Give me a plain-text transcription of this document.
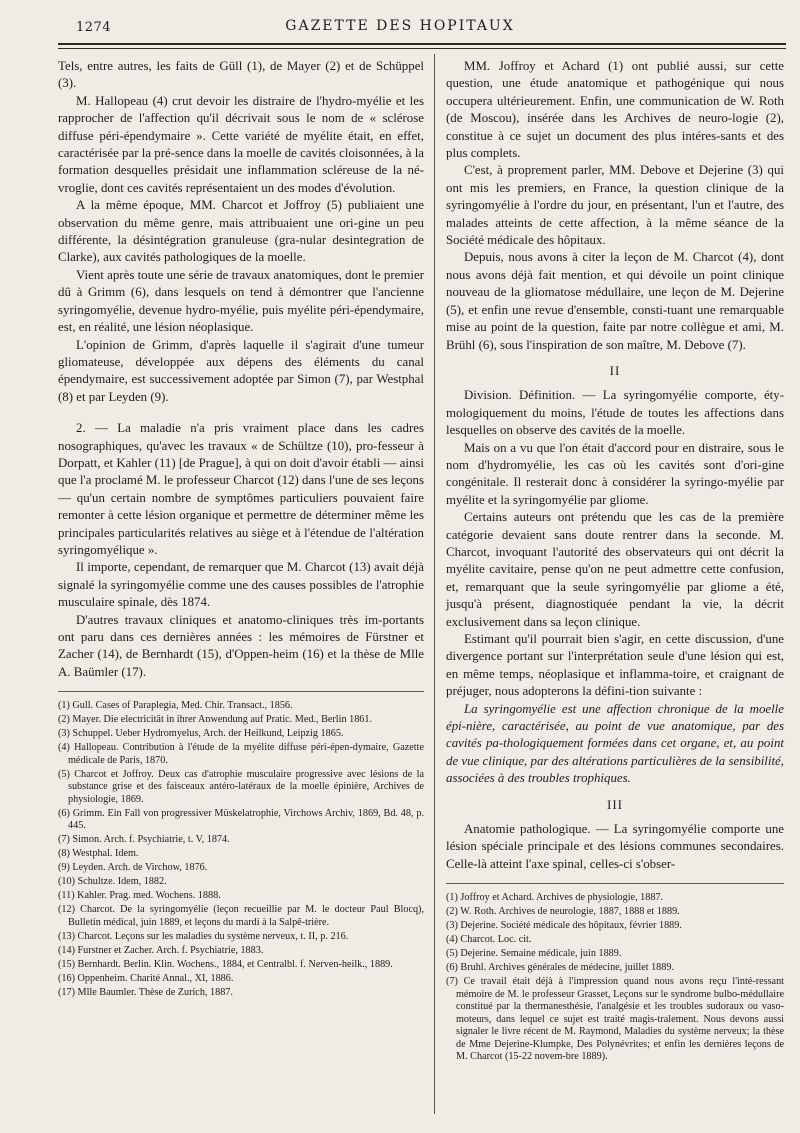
1274	GAZETTE DES HOPITAUX

Tels, entre autres, les faits de Güll (1), de Mayer (2) et de Schüppel (3).

M. Hallopeau (4) crut devoir les distraire de l'hydro-myélie et les rapprocher de l'affection qu'il décrivait sous le nom de « sclérose diffuse péri-épendymaire ». Cette variété de myélite était, en effet, caractérisée par la pré-sence dans la moelle de cavités cloisonnées, à la formation desquelles présidait une inflammation scléreuse de la né-vroglie, dont ces cavités représentaient un des modes d'évolution.

A la même époque, MM. Charcot et Joffroy (5) publiaient une observation du même genre, mais attribuaient une ori-gine un peu différente, la désintégration granuleuse (gra-nular desintegration de Clarke), aux cavités pathologiques de la moelle.

Vient après toute une série de travaux anatomiques, dont le premier dû à Grimm (6), dans lesquels on tend à démontrer que l'ancienne syringomyélie, devenue hydro-myélie, puis myélite péri-épendymaire, est, en réalité, une lésion néoplasique.

L'opinion de Grimm, d'après laquelle il s'agirait d'une tumeur gliomateuse, développée aux dépens des éléments du canal épendymaire, est successivement adoptée par Simon (7), par Westphal (8) et par Leyden (9).

2. — La maladie n'a pris vraiment place dans les cadres nosographiques, qu'avec les travaux « de Schültze (10), pro-fesseur à Dorpatt, et Kahler (11) [de Prague], à qui on doit d'avoir établi — ainsi que l'a proclamé M. le professeur Charcot (12) dans l'une de ses leçons — qu'un certain nombre de symptômes particuliers pouvaient faire remonter à cette lésion organique et permettre de déterminer même les principales particularités relatives au siège et à l'étendue de l'altération syringomyélique ».

Il importe, cependant, de remarquer que M. Charcot (13) avait déjà signalé la syringomyélie comme une des causes possibles de l'atrophie musculaire spinale, dès 1874.

D'autres travaux cliniques et anatomo-cliniques très im-portants ont paru dans ces dernières années : les mémoires de Fürstner et Zacher (14), de Bernhardt (15), d'Oppen-heim (16) et la thèse de Mlle A. Baümler (17).

(1) Gull. Cases of Paraplegia, Med. Chir. Transact., 1856.
(2) Mayer. Die electricität in ihrer Anwendung auf Pratic. Med., Berlin 1861.
(3) Schuppel. Ueber Hydromyelus, Arch. der Heilkund, Leipzig 1865.
(4) Hallopeau. Contribution à l'étude de la myélite diffuse péri-épen-dymaire, Gazette médicale de Paris, 1870.
(5) Charcot et Joffroy. Deux cas d'atrophie musculaire progressive avec lésions de la substance grise et des faisceaux antéro-latéraux de la moelle épinière, Archives de physiologie, 1869.
(6) Grimm. Ein Fall von progressiver Müskelatrophie, Virchows Archiv, 1869, Bd. 48, p. 445.
(7) Simon. Arch. f. Psychiatrie, t. V, 1874.
(8) Westphal. Idem.
(9) Leyden. Arch. de Virchow, 1876.
(10) Schultze. Idem, 1882.
(11) Kahler. Prag. med. Wochens. 1888.
(12) Charcot. De la syringomyélie (leçon recueillie par M. le docteur Paul Blocq), Bulletin médical, juin 1889, et leçons du mardi à la Salpê-trière.
(13) Charcot. Leçons sur les maladies du système nerveux, t. II, p. 216.
(14) Furstner et Zacher. Arch. f. Psychiatrie, 1883.
(15) Bernhardt. Berlin. Klin. Wochens., 1884, et Centralbl. f. Nerven-heilk., 1889.
(16) Oppenheim. Charité Annal., XI, 1886.
(17) Mlle Baumler. Thèse de Zurich, 1887.

MM. Joffroy et Achard (1) ont publié aussi, sur cette question, une étude anatomique et pathogénique qui nous occupera ultérieurement. Enfin, une communication de W. Roth (de Moscou), insérée dans les Archives de neuro-logie (2), constitue à ce sujet un document des plus intéres-sants et des plus complets.

C'est, à proprement parler, MM. Debove et Dejerine (3) qui ont mis les premiers, en France, la question clinique de la syringomyélie à l'ordre du jour, en présentant, l'un et l'autre, des malades atteints de cette affection, à la même séance de la Société médicale des hôpitaux.

Depuis, nous avons à citer la leçon de M. Charcot (4), dont nous avons déjà fait mention, et qui dévoile un point clinique nouveau de la gliomatose médullaire, une leçon de M. Dejerine (5), et enfin une revue d'ensemble, consti-tuant une remarquable mise au point de la question, faite par notre collègue et ami, M. Brühl (6), sous l'inspiration de son maître, M. Debove (7).

II

Division. Définition. — La syringomyélie comporte, éty-mologiquement du moins, l'étude de toutes les affections dans lesquelles on observe des cavités de la moelle.

Mais on a vu que l'on était d'accord pour en distraire, sous le nom d'hydromyélie, les cas où les cavités sont d'ori-gine congénitale. Il resterait donc à considérer la syringo-myélie par myélite et la syringomyélie par gliome.

Certains auteurs ont prétendu que les cas de la première catégorie devaient sans doute rentrer dans la seconde. M. Charcot, invoquant l'autorité des observateurs qui ont décrit la myélite cavitaire, pense qu'on ne peut admettre cette confusion, et, remarquant que la seule syringomyélie par gliome a été, jusqu'à présent, diagnostiquée pendant la vie, la décrit exclusivement dans sa leçon clinique.

Estimant qu'il pourrait bien s'agir, en cette discussion, d'une divergence portant sur l'interprétation seule d'une lésion qui est, en même temps, néoplasique et inflamma-toire, et craignant de préjuger, nous adopterons la défini-tion suivante :

La syringomyélie est une affection chronique de la moelle épi-nière, caractérisée, au point de vue anatomique, par des cavités pa-thologiquement formées dans cet organe, et, au point de vue clinique, par des altérations particulières de la sensibilité, associées à des troubles trophiques.

III

Anatomie pathologique. — La syringomyélie comporte une lésion spéciale principale et des lésions communes secondaires. Celle-là atteint l'axe spinal, celles-ci s'obser-

(1) Joffroy et Achard. Archives de physiologie, 1887.
(2) W. Roth. Archives de neurologie, 1887, 1888 et 1889.
(3) Dejerine. Société médicale des hôpitaux, février 1889.
(4) Charcot. Loc. cit.
(5) Dejerine. Semaine médicale, juin 1889.
(6) Bruhl. Archives générales de médecine, juillet 1889.
(7) Ce travail était déjà à l'impression quand nous avons reçu l'inté-ressant mémoire de M. le professeur Grasset, Leçons sur le syndrome bulbo-médullaire constitué par la thermanesthésie, l'analgésie et les troubles sudoraux ou vaso-moteurs, dans lequel ce sujet est traité magis-tralement. Nous devons aussi signaler le livre récent de M. Raymond, Maladies du système nerveux; la thèse de Mme Dejerine-Klumpke, Des Polynévrites; et enfin les dernières leçons de M. Charcot (15-22 novem-bre 1889).
